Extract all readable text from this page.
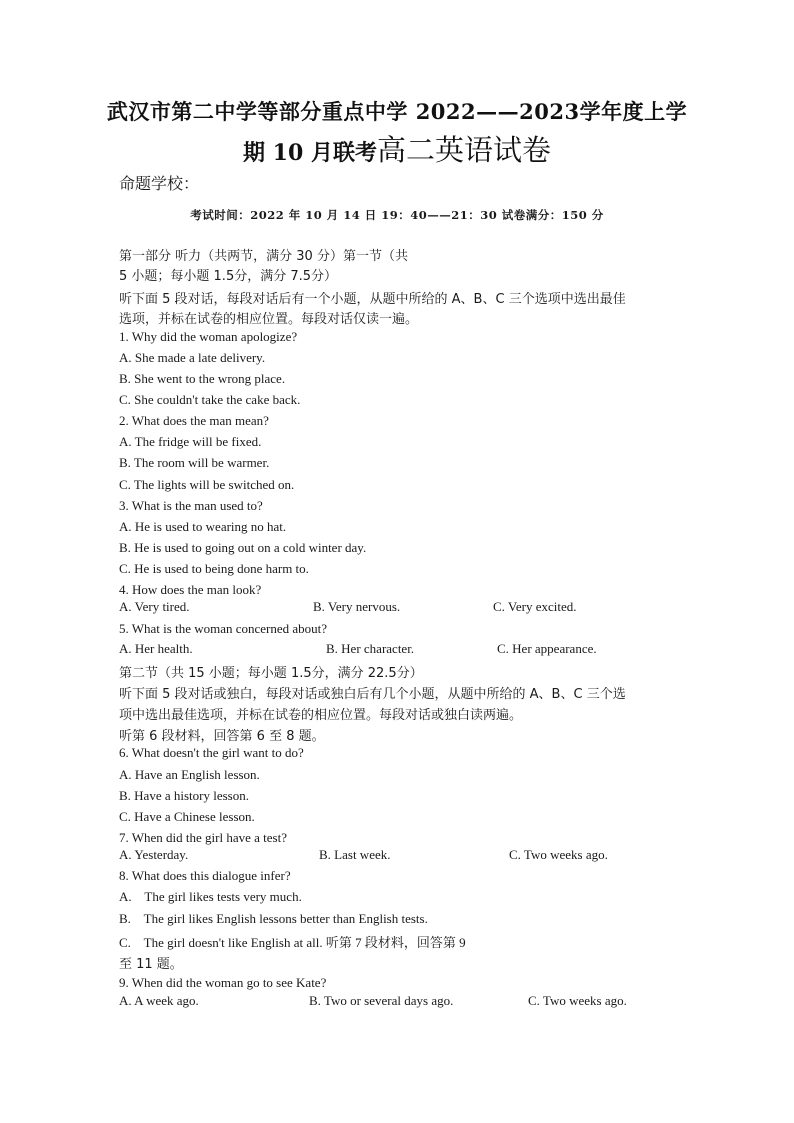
武汉市第二中学等部分重点中学 2022——2023学年度上学
期 10 月联考高二英语试卷
命题学校：
考试时间：2022 年 10 月 14 日 19：40——21：30 试卷满分：150 分
第一部分 听力（共两节，满分 30 分）第一节（共
5 小题；每小题 1.5分，满分 7.5分）
听下面 5 段对话，每段对话后有一个小题，从题中所给的 A、B、C 三个选项中选出最佳
选项，并标在试卷的相应位置。每段对话仅读一遍。
1. Why did the woman apologize?
A. She made a late delivery.
B. She went to the wrong place.
C. She couldn't take the cake back.
2. What does the man mean?
A. The fridge will be fixed.
B. The room will be warmer.
C. The lights will be switched on.
3. What is the man used to?
A. He is used to wearing no hat.
B. He is used to going out on a cold winter day.
C. He is used to being done harm to.
4. How does the man look?
A. Very tired.	B. Very nervous.	C. Very excited.
5. What is the woman concerned about?
A. Her health.	B. Her character.	C. Her appearance.
第二节（共 15 小题；每小题 1.5分，满分 22.5分）
听下面 5 段对话或独白，每段对话或独白后有几个小题，从题中所给的 A、B、C 三个选
项中选出最佳选项，并标在试卷的相应位置。每段对话或独白读两遍。
听第 6 段材料，回答第 6 至 8 题。
6. What doesn't the girl want to do?
A. Have an English lesson.
B. Have a history lesson.
C. Have a Chinese lesson.
7. When did the girl have a test?
A. Yesterday.	B. Last week.	C. Two weeks ago.
8. What does this dialogue infer?
A.    The girl likes tests very much.
B.    The girl likes English lessons better than English tests.
C.    The girl doesn't like English at all. 听第 7 段材料，回答第 9
至 11 题。
9. When did the woman go to see Kate?
A. A week ago.	B. Two or several days ago.	C. Two weeks ago.
